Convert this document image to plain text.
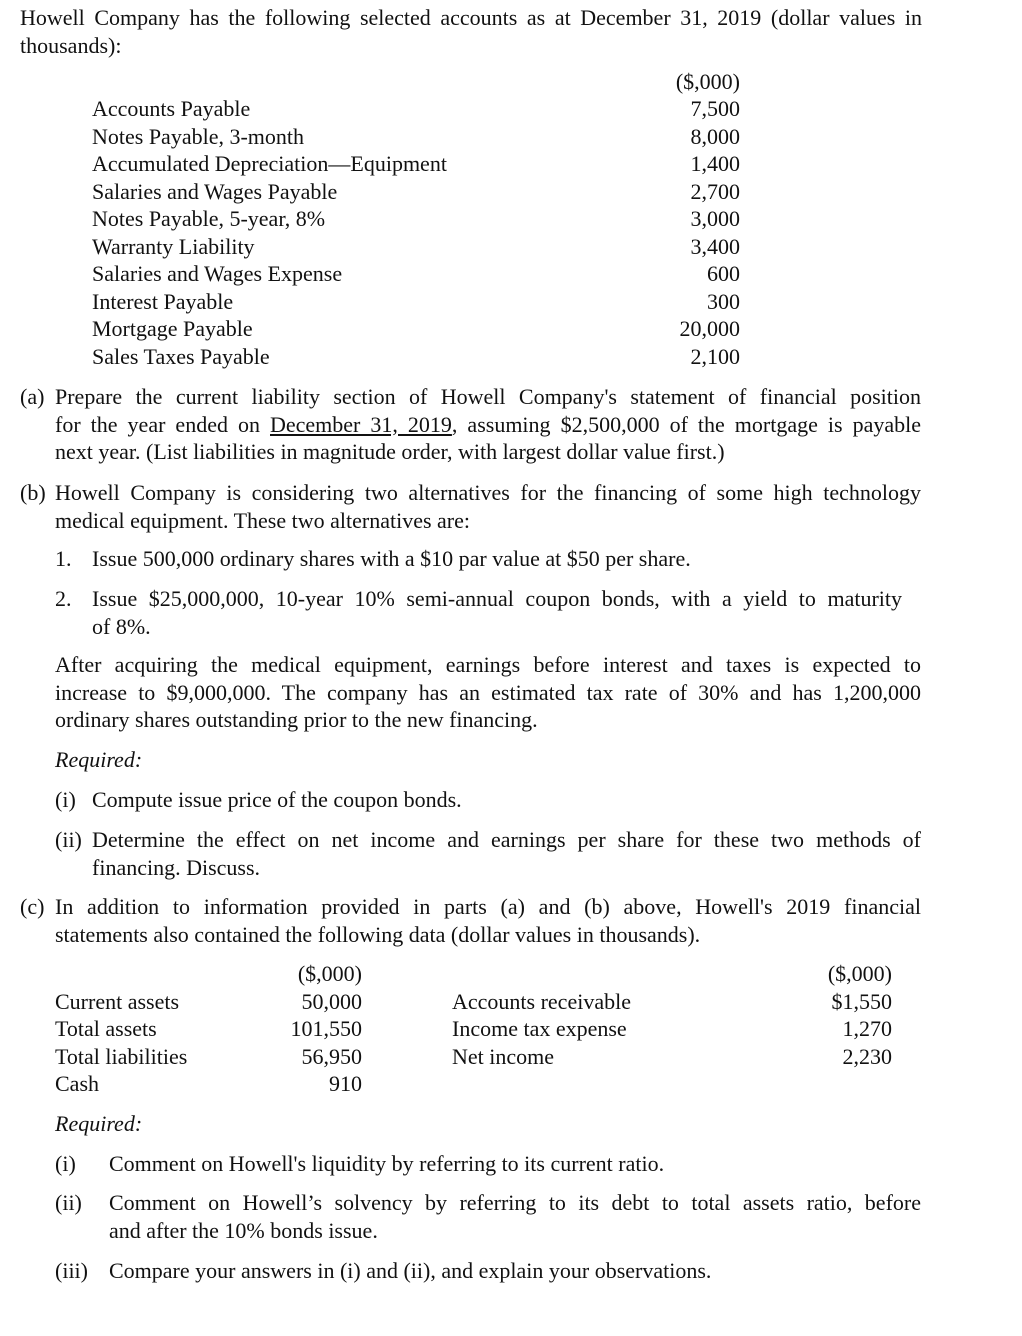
Howell Company has the following selected accounts as at December 31, 2019 (dollar values in
thousands):
($,000)
Accounts Payable	7,500
Notes Payable, 3-month	8,000
Accumulated Depreciation—Equipment	1,400
Salaries and Wages Payable	2,700
Notes Payable, 5-year, 8%	3,000
Warranty Liability	3,400
Salaries and Wages Expense	600
Interest Payable	300
Mortgage Payable	20,000
Sales Taxes Payable	2,100
(a) Prepare the current liability section of Howell Company's statement of financial position
for the year ended on December 31, 2019, assuming $2,500,000 of the mortgage is payable
next year. (List liabilities in magnitude order, with largest dollar value first.)
(b) Howell Company is considering two alternatives for the financing of some high technology
medical equipment. These two alternatives are:
1. Issue 500,000 ordinary shares with a $10 par value at $50 per share.
2. Issue $25,000,000, 10-year 10% semi-annual coupon bonds, with a yield to maturity
of 8%.
After acquiring the medical equipment, earnings before interest and taxes is expected to
increase to $9,000,000. The company has an estimated tax rate of 30% and has 1,200,000
ordinary shares outstanding prior to the new financing.
Required:
(i) Compute issue price of the coupon bonds.
(ii) Determine the effect on net income and earnings per share for these two methods of
financing. Discuss.
(c) In addition to information provided in parts (a) and (b) above, Howell's 2019 financial
statements also contained the following data (dollar values in thousands).
($,000)
Current assets	50,000
Total assets	101,550
Total liabilities	56,950
Cash	910
($,000)
Accounts receivable	$1,550
Income tax expense	1,270
Net income	2,230
Required:
(i) Comment on Howell's liquidity by referring to its current ratio.
(ii) Comment on Howell’s solvency by referring to its debt to total assets ratio, before
and after the 10% bonds issue.
(iii) Compare your answers in (i) and (ii), and explain your observations.
